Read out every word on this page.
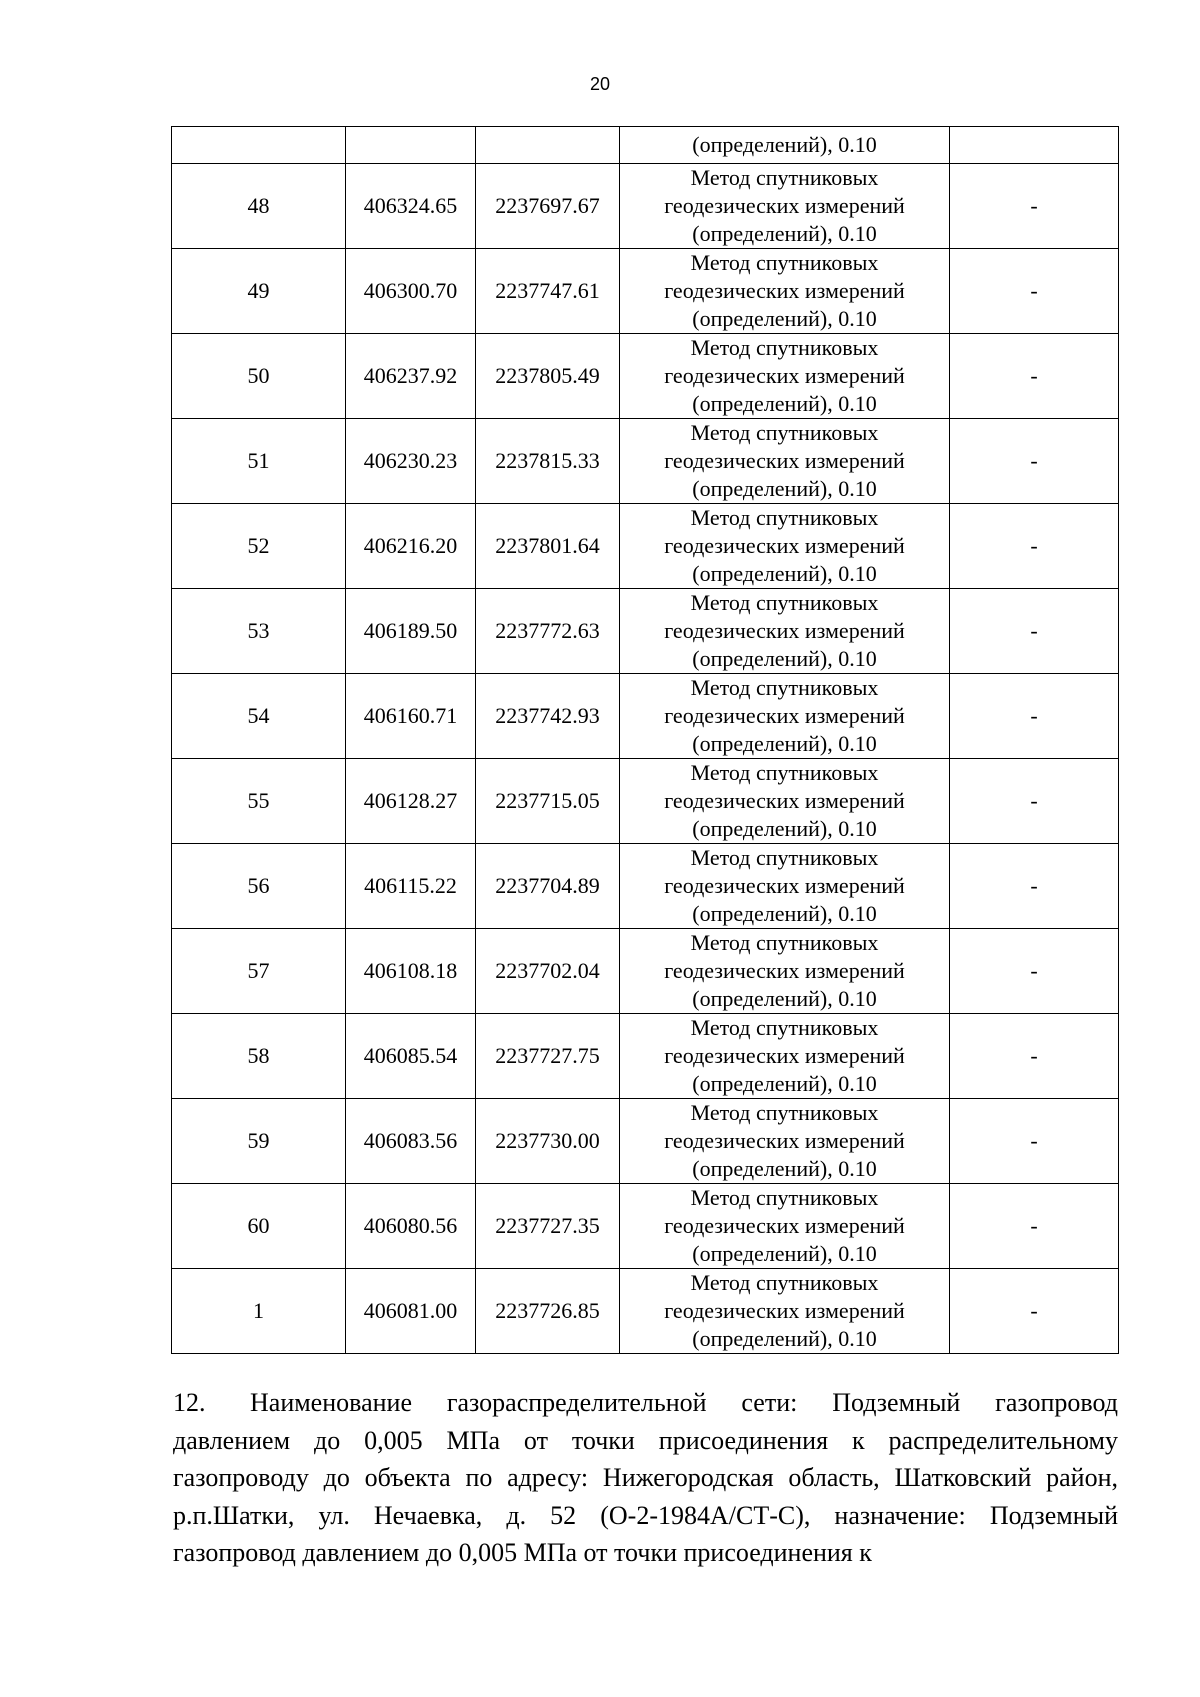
20
			(определений), 0.10	
48	406324.65	2237697.67	Метод спутниковых
геодезических измерений
(определений), 0.10	-
49	406300.70	2237747.61	Метод спутниковых
геодезических измерений
(определений), 0.10	-
50	406237.92	2237805.49	Метод спутниковых
геодезических измерений
(определений), 0.10	-
51	406230.23	2237815.33	Метод спутниковых
геодезических измерений
(определений), 0.10	-
52	406216.20	2237801.64	Метод спутниковых
геодезических измерений
(определений), 0.10	-
53	406189.50	2237772.63	Метод спутниковых
геодезических измерений
(определений), 0.10	-
54	406160.71	2237742.93	Метод спутниковых
геодезических измерений
(определений), 0.10	-
55	406128.27	2237715.05	Метод спутниковых
геодезических измерений
(определений), 0.10	-
56	406115.22	2237704.89	Метод спутниковых
геодезических измерений
(определений), 0.10	-
57	406108.18	2237702.04	Метод спутниковых
геодезических измерений
(определений), 0.10	-
58	406085.54	2237727.75	Метод спутниковых
геодезических измерений
(определений), 0.10	-
59	406083.56	2237730.00	Метод спутниковых
геодезических измерений
(определений), 0.10	-
60	406080.56	2237727.35	Метод спутниковых
геодезических измерений
(определений), 0.10	-
1	406081.00	2237726.85	Метод спутниковых
геодезических измерений
(определений), 0.10	-

12. Наименование газораспределительной сети: Подземный газопровод давлением до 0,005 МПа от точки присоединения к распределительному газопроводу до объекта по адресу: Нижегородская область, Шатковский район, р.п.Шатки, ул. Нечаевка, д. 52 (О-2-1984А/СТ-С), назначение: Подземный газопровод давлением до 0,005 МПа от точки присоединения к
